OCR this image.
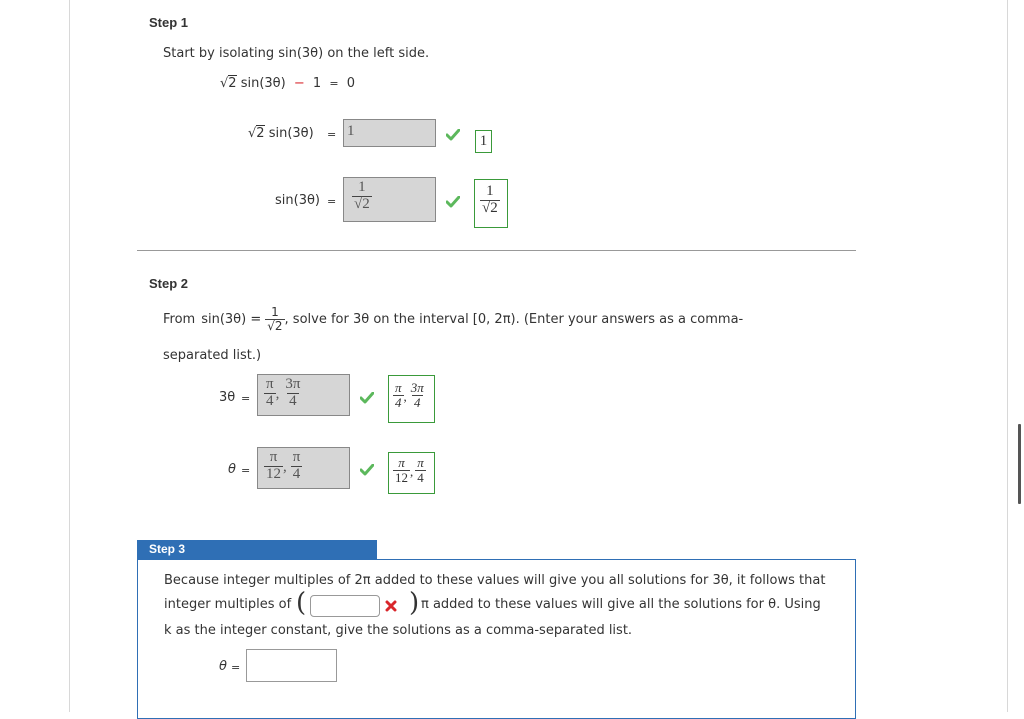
Step 1
Start by isolating sin(3θ) on the left side.
√2 sin(3θ) − 1 = 0
√2 sin(3θ) = 1
1
$\sin(3\theta) = \frac{1}{√2}$	$\frac{1}{√2}$
Step 2
From $\sin(3\theta) = \frac{1}{√2}$ , solve for 3θ on the interval [0, 2π). (Enter your answers as a comma-
separated list.)
$3\theta = \frac{\pi}{4}$ , $\frac{3\pi}{4}$	$\frac{\pi}{4}$ , $\frac{3\pi}{4}$
$\theta = \frac{\pi}{12}$ , $\frac{\pi}{4}$	$\frac{\pi}{12}$ , $\frac{\pi}{4}$
Step 3
Because integer multiples of 2π added to these values will give you all solutions for 3θ, it follows that
integer multiples of (	) π added to these values will give all the solutions for θ. Using
k as the integer constant, give the solutions as a comma-separated list.
θ =
